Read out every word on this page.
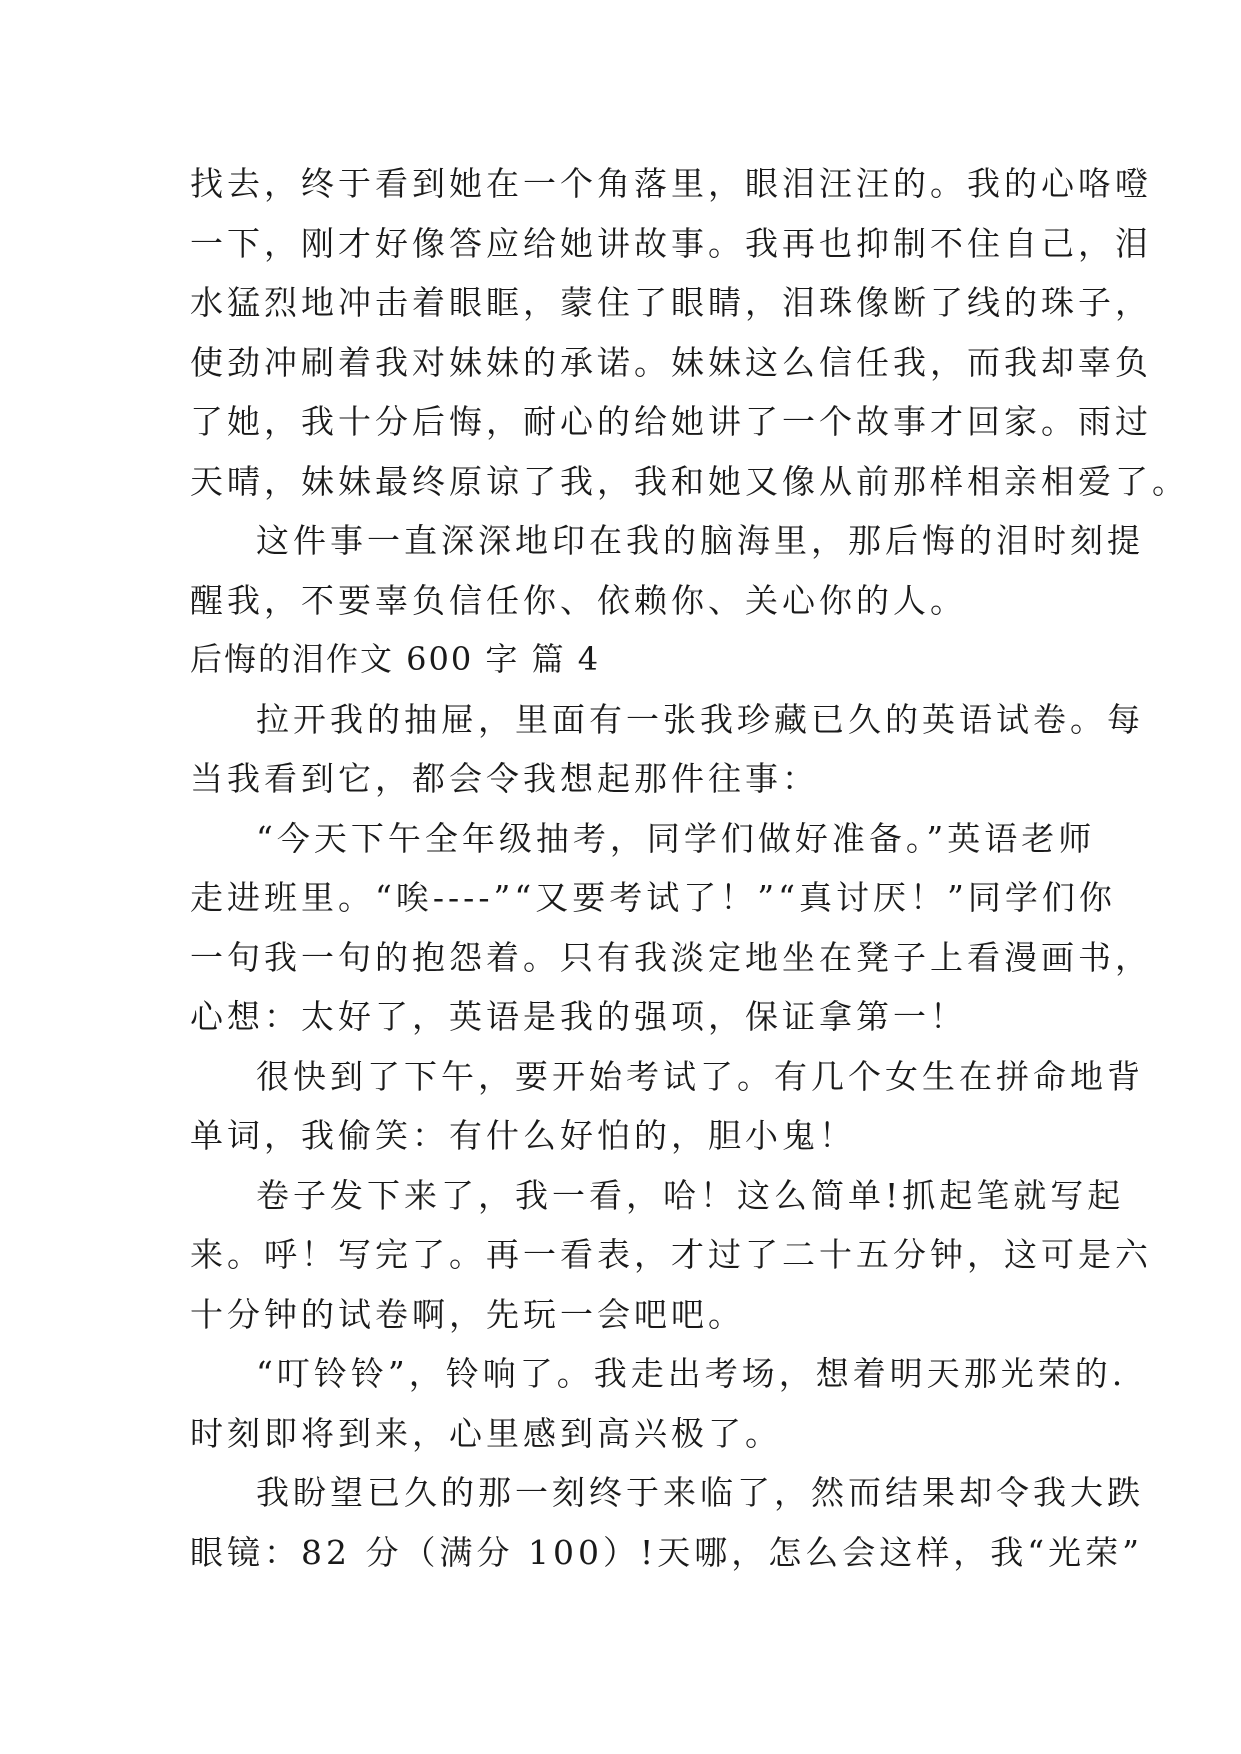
找去，终于看到她在一个角落里，眼泪汪汪的。我的心咯噔
一下，刚才好像答应给她讲故事。我再也抑制不住自己，泪
水猛烈地冲击着眼眶，蒙住了眼睛，泪珠像断了线的珠子，
使劲冲刷着我对妹妹的承诺。妹妹这么信任我，而我却辜负
了她，我十分后悔，耐心的给她讲了一个故事才回家。雨过
天晴，妹妹最终原谅了我，我和她又像从前那样相亲相爱了。
这件事一直深深地印在我的脑海里，那后悔的泪时刻提
醒我，不要辜负信任你、依赖你、关心你的人。
后悔的泪作文 600 字 篇 4
拉开我的抽屉，里面有一张我珍藏已久的英语试卷。每
当我看到它，都会令我想起那件往事：
“今天下午全年级抽考，同学们做好准备。”英语老师
走进班里。“唉----”“又要考试了！”“真讨厌！”同学们你
一句我一句的抱怨着。只有我淡定地坐在凳子上看漫画书，
心想：太好了，英语是我的强项，保证拿第一！
很快到了下午，要开始考试了。有几个女生在拼命地背
单词，我偷笑：有什么好怕的，胆小鬼！
卷子发下来了，我一看，哈！这么简单!抓起笔就写起
来。呼！写完了。再一看表，才过了二十五分钟，这可是六
十分钟的试卷啊，先玩一会吧吧。
“叮铃铃”，铃响了。我走出考场，想着明天那光荣的.
时刻即将到来，心里感到高兴极了。
我盼望已久的那一刻终于来临了，然而结果却令我大跌
眼镜：82 分（满分 100）!天哪，怎么会这样，我“光荣”
